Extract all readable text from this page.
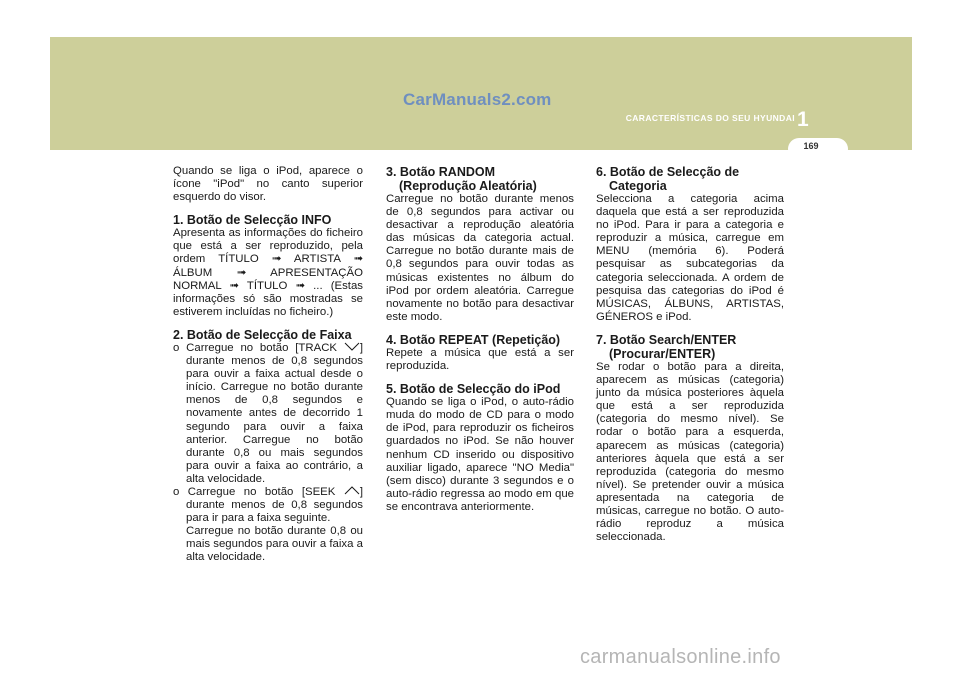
CarManuals2.com
CARACTERÍSTICAS DO SEU HYUNDAI 1
169

Quando se liga o iPod, aparece o ícone "iPod" no canto superior esquerdo do visor.

1. Botão de Selecção INFO

Apresenta as informações do ficheiro que está a ser reproduzido, pela ordem TÍTULO ➟ ARTISTA ➟ ÁLBUM ➟ APRESENTAÇÃO NORMAL ➟ TÍTULO ➟ ... (Estas informações só são mostradas se estiverem incluídas no ficheiro.)

2. Botão de Selecção de Faixa

o Carregue no botão [TRACK ] durante menos de 0,8 segundos para ouvir a faixa actual desde o início. Carregue no botão durante menos de 0,8 segundos e novamente antes de decorrido 1 segundo para ouvir a faixa anterior. Carregue no botão durante 0,8 ou mais segundos para ouvir a faixa ao contrário, a alta velocidade.

o Carregue no botão [SEEK ] durante menos de 0,8 segundos para ir para a faixa seguinte.

Carregue no botão durante 0,8 ou mais segundos para ouvir a faixa a alta velocidade.

3. Botão RANDOM (Reprodução Aleatória)

Carregue no botão durante menos de 0,8 segundos para activar ou desactivar a reprodução aleatória das músicas da categoria actual. Carregue no botão durante mais de 0,8 segundos para ouvir todas as músicas existentes no álbum do iPod por ordem aleatória. Carregue novamente no botão para desactivar este modo.

4. Botão REPEAT (Repetição)

Repete a música que está a ser reproduzida.

5. Botão de Selecção do iPod

Quando se liga o iPod, o auto-rádio muda do modo de CD para o modo de iPod, para reproduzir os ficheiros guardados no iPod. Se não houver nenhum CD inserido ou dispositivo auxiliar ligado, aparece "NO Media" (sem disco) durante 3 segundos e o auto-rádio regressa ao modo em que se encontrava anteriormente.

6. Botão de Selecção de Categoria

Selecciona a categoria acima daquela que está a ser reproduzida no iPod. Para ir para a categoria e reproduzir a música, carregue em MENU (memória 6). Poderá pesquisar as subcategorias da categoria seleccionada. A ordem de pesquisa das categorias do iPod é MÚSICAS, ÁLBUNS, ARTISTAS, GÉNEROS e iPod.

7. Botão Search/ENTER (Procurar/ENTER)

Se rodar o botão para a direita, aparecem as músicas (categoria) junto da música posteriores àquela que está a ser reproduzida (categoria do mesmo nível). Se rodar o botão para a esquerda, aparecem as músicas (categoria) anteriores àquela que está a ser reproduzida (categoria do mesmo nível). Se pretender ouvir a música apresentada na categoria de músicas, carregue no botão. O auto-rádio reproduz a música seleccionada.

carmanualsonline.info
